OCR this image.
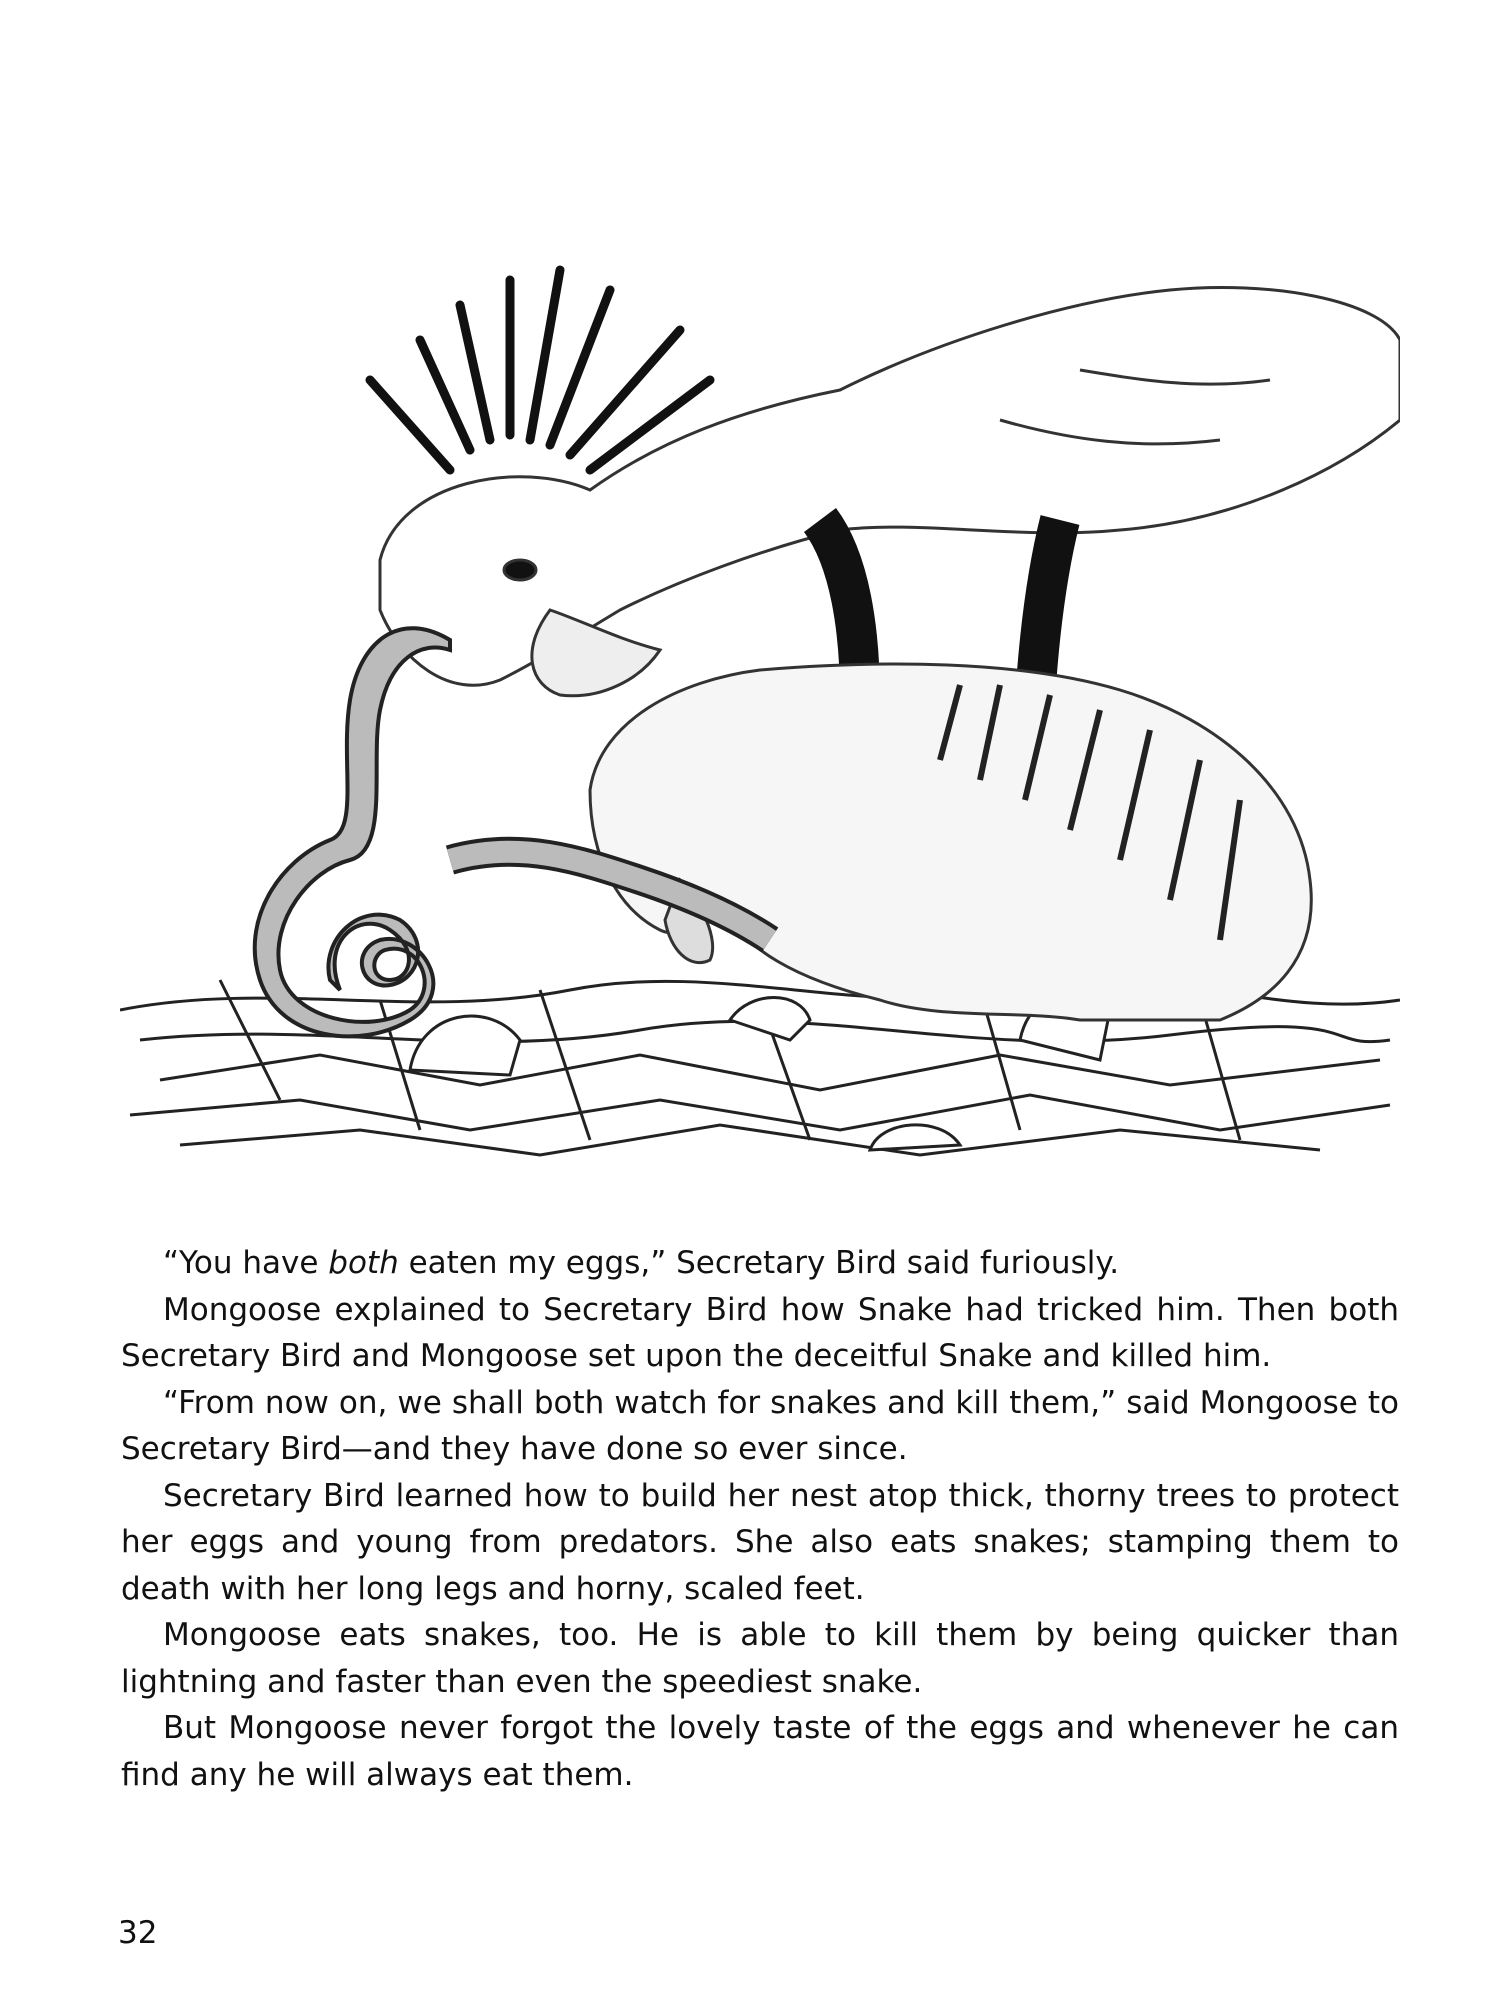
“You have both eaten my eggs,” Secretary Bird said furiously.

Mongoose explained to Secretary Bird how Snake had tricked him. Then both Secretary Bird and Mongoose set upon the deceitful Snake and killed him.

“From now on, we shall both watch for snakes and kill them,” said Mongoose to Secretary Bird—and they have done so ever since.

Secretary Bird learned how to build her nest atop thick, thorny trees to protect her eggs and young from predators. She also eats snakes; stamping them to death with her long legs and horny, scaled feet.

Mongoose eats snakes, too. He is able to kill them by being quicker than lightning and faster than even the speediest snake.

But Mongoose never forgot the lovely taste of the eggs and whenever he can find any he will always eat them.

32
